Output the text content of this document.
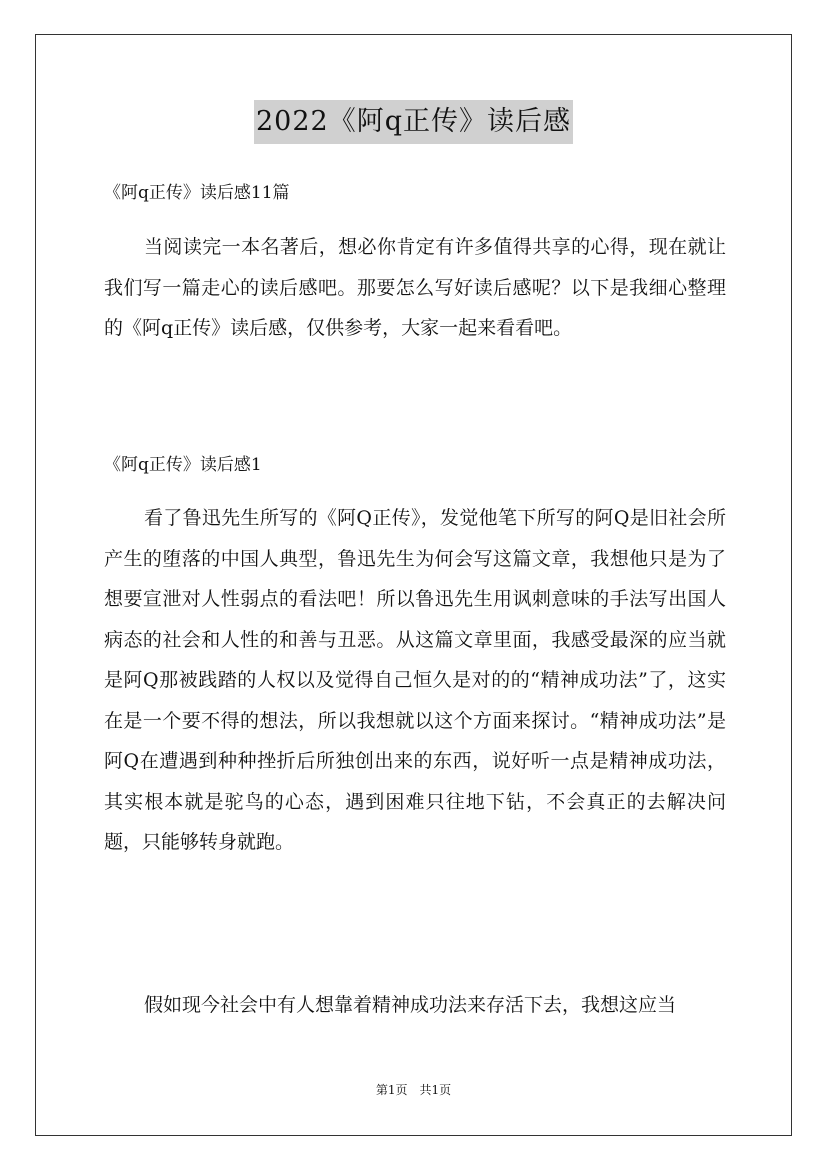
2022《阿q正传》读后感
《阿q正传》读后感11篇

当阅读完一本名著后，想必你肯定有许多值得共享的心得，现在就让我们写一篇走心的读后感吧。那要怎么写好读后感呢？以下是我细心整理的《阿q正传》读后感，仅供参考，大家一起来看看吧。

《阿q正传》读后感1

看了鲁迅先生所写的《阿Q正传》，发觉他笔下所写的阿Q是旧社会所产生的堕落的中国人典型，鲁迅先生为何会写这篇文章，我想他只是为了想要宣泄对人性弱点的看法吧！所以鲁迅先生用讽刺意味的手法写出国人病态的社会和人性的和善与丑恶。从这篇文章里面，我感受最深的应当就是阿Q那被践踏的人权以及觉得自己恒久是对的的“精神成功法”了，这实在是一个要不得的想法，所以我想就以这个方面来探讨。“精神成功法”是阿Q在遭遇到种种挫折后所独创出来的东西，说好听一点是精神成功法，其实根本就是驼鸟的心态，遇到困难只往地下钻，不会真正的去解决问题，只能够转身就跑。

假如现今社会中有人想靠着精神成功法来存活下去，我想这应当

第1页　共1页
